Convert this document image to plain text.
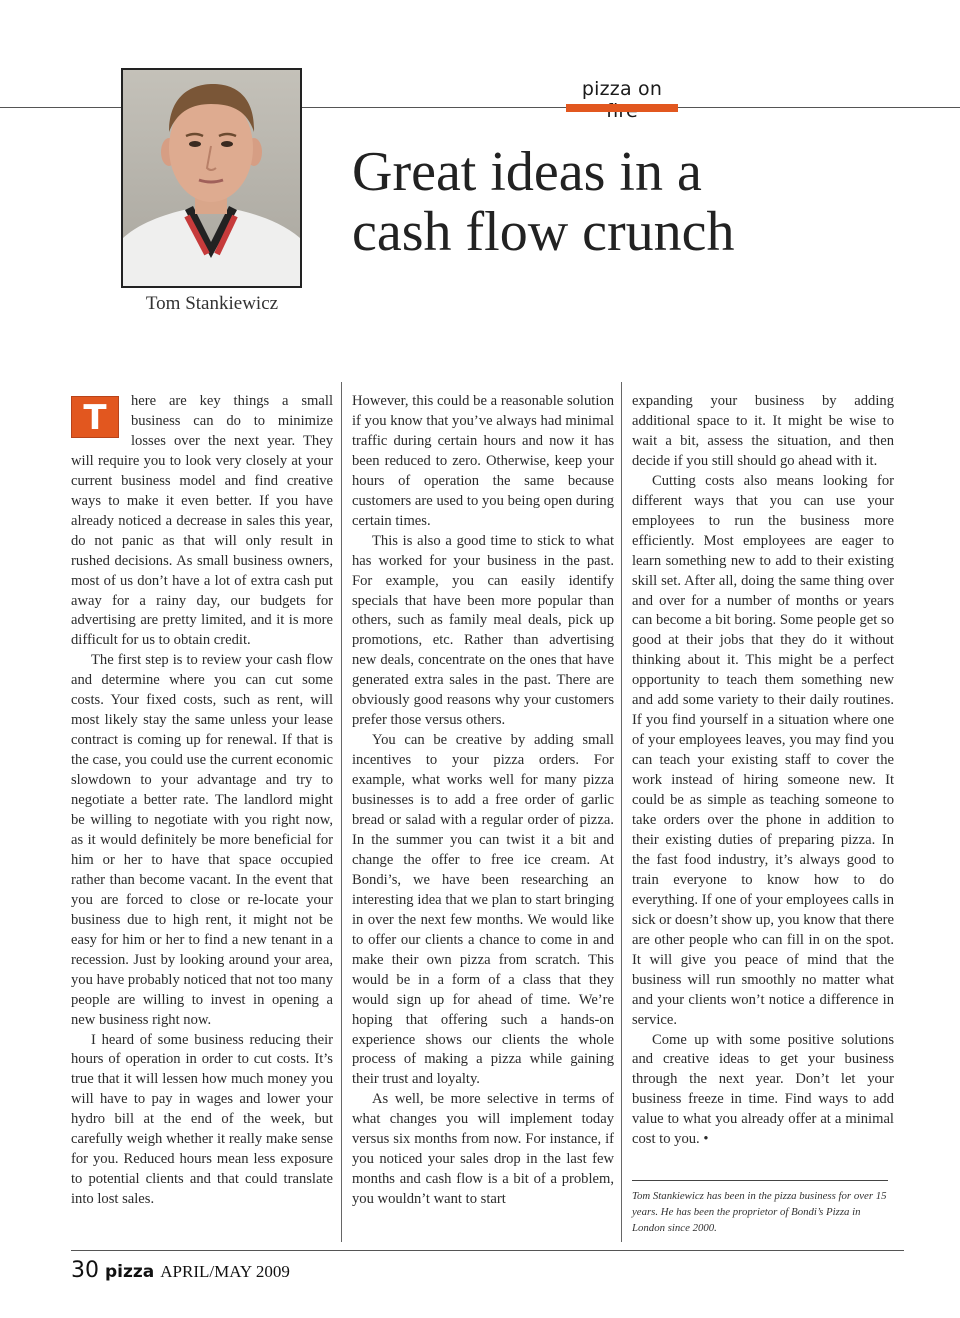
pizza on
Tom Stankiewicz
Great ideas in a
cash flow crunch

T	here are key things a small business can do to minimize losses over the next year. They will require you to look very closely at your current business model and find creative ways to make it even better. If you have already noticed a decrease in sales this year, do not panic as that will only result in rushed decisions. As small business owners, most of us don’t have a lot of extra cash put away for a rainy day, our budgets for advertising are pretty limited, and it is more difficult for us to obtain credit.

The first step is to review your cash flow and determine where you can cut some costs. Your fixed costs, such as rent, will most likely stay the same unless your lease contract is coming up for renewal. If that is the case, you could use the current economic slowdown to your advantage and try to negotiate a better rate. The landlord might be willing to negotiate with you right now, as it would definitely be more beneficial for him or her to have that space occupied rather than become vacant. In the event that you are forced to close or re-locate your business due to high rent, it might not be easy for him or her to find a new tenant in a recession. Just by looking around your area, you have probably noticed that not too many people are willing to invest in opening a new business right now.

I heard of some business reducing their hours of operation in order to cut costs. It’s true that it will lessen how much money you will have to pay in wages and lower your hydro bill at the end of the week, but carefully weigh whether it really make sense for you. Reduced hours mean less exposure to potential clients and that could translate into lost sales.

However, this could be a reasonable solution if you know that you’ve always had minimal traffic during certain hours and now it has been reduced to zero. Otherwise, keep your hours of operation the same because customers are used to you being open during certain times.

This is also a good time to stick to what has worked for your business in the past. For example, you can easily identify specials that have been more popular than others, such as family meal deals, pick up promotions, etc. Rather than advertising new deals, concentrate on the ones that have generated extra sales in the past. There are obviously good reasons why your customers prefer those versus others.

You can be creative by adding small incentives to your pizza orders. For example, what works well for many pizza businesses is to add a free order of garlic bread or salad with a regular order of pizza. In the summer you can twist it a bit and change the offer to free ice cream. At Bondi’s, we have been researching an interesting idea that we plan to start bringing in over the next few months. We would like to offer our clients a chance to come in and make their own pizza from scratch. This would be in a form of a class that they would sign up for ahead of time. We’re hoping that offering such a hands-on experience shows our clients the whole process of making a pizza while gaining their trust and loyalty.

As well, be more selective in terms of what changes you will implement today versus six months from now. For instance, if you noticed your sales drop in the last few months and cash flow is a bit of a problem, you wouldn’t want to start

expanding your business by adding additional space to it. It might be wise to wait a bit, assess the situation, and then decide if you still should go ahead with it.

Cutting costs also means looking for different ways that you can use your employees to run the business more efficiently. Most employees are eager to learn something new to add to their existing skill set. After all, doing the same thing over and over for a number of months or years can become a bit boring. Some people get so good at their jobs that they do it without thinking about it. This might be a perfect opportunity to teach them something new and add some variety to their daily routines. If you find yourself in a situation where one of your employees leaves, you may find you can teach your existing staff to cover the work instead of hiring someone new. It could be as simple as teaching someone to take orders over the phone in addition to their existing duties of preparing pizza. In the fast food industry, it’s always good to train everyone to know how to do everything. If one of your employees calls in sick or doesn’t show up, you know that there are other people who can fill in on the spot. It will give you peace of mind that the business will run smoothly no matter what and your clients won’t notice a difference in service.

Come up with some positive solutions and creative ideas to get your business through the next year. Don’t let your business freeze in time. Find ways to add value to what you already offer at a minimal cost to you. •

Tom Stankiewicz has been in the pizza business for over 15 years. He has been the proprietor of Bondi’s Pizza in London since 2000.
30 pizza APRIL/MAY 2009
